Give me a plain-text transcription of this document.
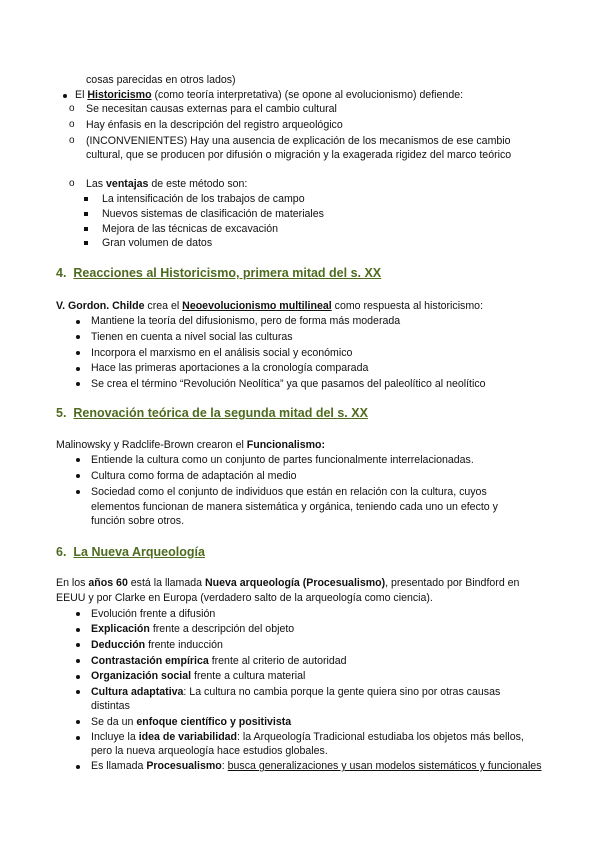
cosas parecidas en otros lados)
El Historicismo (como teoría interpretativa) (se opone al evolucionismo) defiende:
o Se necesitan causas externas para el cambio cultural
o Hay énfasis en la descripción del registro arqueológico
o (INCONVENIENTES) Hay una ausencia de explicación de los mecanismos de ese cambio
cultural, que se producen por difusión o migración y la exagerada rigidez del marco teórico
o Las ventajas de este método son:
La intensificación de los trabajos de campo
Nuevos sistemas de clasificación de materiales
Mejora de las técnicas de excavación
Gran volumen de datos
4. Reacciones al Historicismo, primera mitad del s. XX
V. Gordon. Childe crea el Neoevolucionismo multilineal como respuesta al historicismo:
Mantiene la teoría del difusionismo, pero de forma más moderada
Tienen en cuenta a nivel social las culturas
Incorpora el marxismo en el análisis social y económico
Hace las primeras aportaciones a la cronología comparada
Se crea el término “Revolución Neolítica” ya que pasamos del paleolítico al neolítico
5. Renovación teórica de la segunda mitad del s. XX
Malinowsky y Radclife-Brown crearon el Funcionalismo:
Entiende la cultura como un conjunto de partes funcionalmente interrelacionadas.
Cultura como forma de adaptación al medio
Sociedad como el conjunto de individuos que están en relación con la cultura, cuyos
elementos funcionan de manera sistemática y orgánica, teniendo cada uno un efecto y
función sobre otros.
6. La Nueva Arqueología
En los años 60 está la llamada Nueva arqueología (Procesualismo), presentado por Bindford en
EEUU y por Clarke en Europa (verdadero salto de la arqueología como ciencia).
Evolución frente a difusión
Explicación frente a descripción del objeto
Deducción frente inducción
Contrastación empírica frente al criterio de autoridad
Organización social frente a cultura material
Cultura adaptativa: La cultura no cambia porque la gente quiera sino por otras causas
distintas
Se da un enfoque científico y positivista
Incluye la idea de variabilidad: la Arqueología Tradicional estudiaba los objetos más bellos,
pero la nueva arqueología hace estudios globales.
Es llamada Procesualismo: busca generalizaciones y usan modelos sistemáticos y funcionales
